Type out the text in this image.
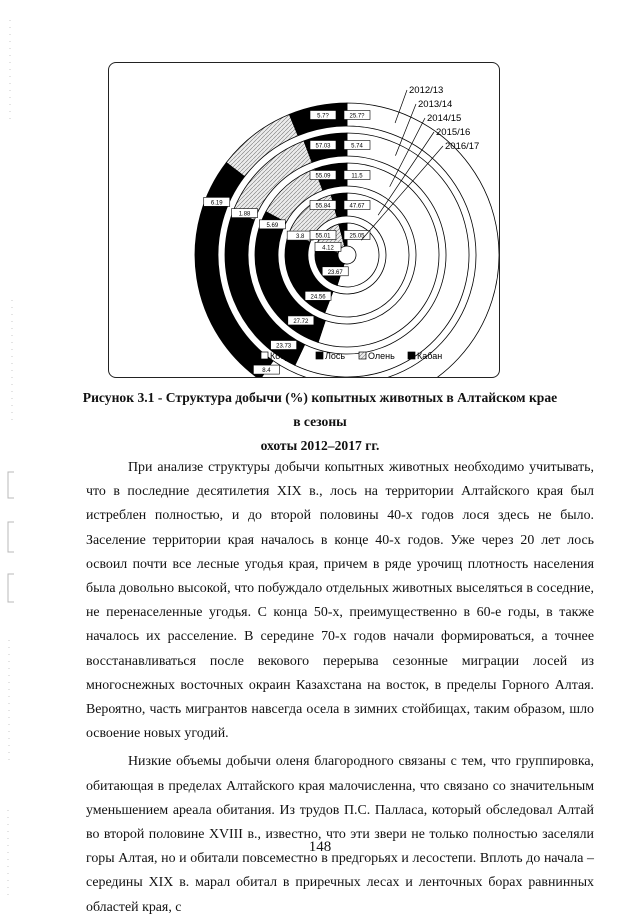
5.7?	25.7?
8.4
6.19
57.03	5.74
23.73
1.88
55.09	11.5
27.72
5.69
55.84	47.67
24.56
3.8 55.01	25.05
23.67
4.12
2012/13
2013/14
2014/15
2015/16
2016/17
Косуля	Лось	Олень Кабан
Рисунок 3.1 - Структура добычи (%) копытных животных в Алтайском крае в сезоны
охоты 2012–2017 гг.

При анализе структуры добычи копытных животных необходимо учитывать, что в последние десятилетия XIX в., лось на территории Алтайского края был истреблен полностью, и до второй половины 40-х годов лося здесь не было. Заселение территории края началось в конце 40-х годов. Уже через 20 лет лось освоил почти все лесные угодья края, причем в ряде урочищ плотность населения была довольно высокой, что побуждало отдельных животных выселяться в соседние, не перенаселенные угодья. С конца 50-х, преимущественно в 60-е годы, в также началось их расселение. В середине 70-х годов начали формироваться, а точнее восстанавливаться после векового перерыва сезонные миграции лосей из многоснежных восточных окраин Казахстана на восток, в пределы Горного Алтая. Вероятно, часть мигрантов навсегда осела в зимних стойбищах, таким образом, шло освоение новых угодий.

Низкие объемы добычи оленя благородного связаны с тем, что группировка, обитающая в пределах Алтайского края малочисленна, что связано со значительным уменьшением ареала обитания. Из трудов П.С. Палласа, который обследовал Алтай во второй половине XVIII в., известно, что эти звери не только полностью заселяли горы Алтая, но и обитали повсеместно в предгорьях и лесостепи. Вплоть до начала – середины XIX в. марал обитал в приречных лесах и ленточных борах равнинных областей края, с

148
